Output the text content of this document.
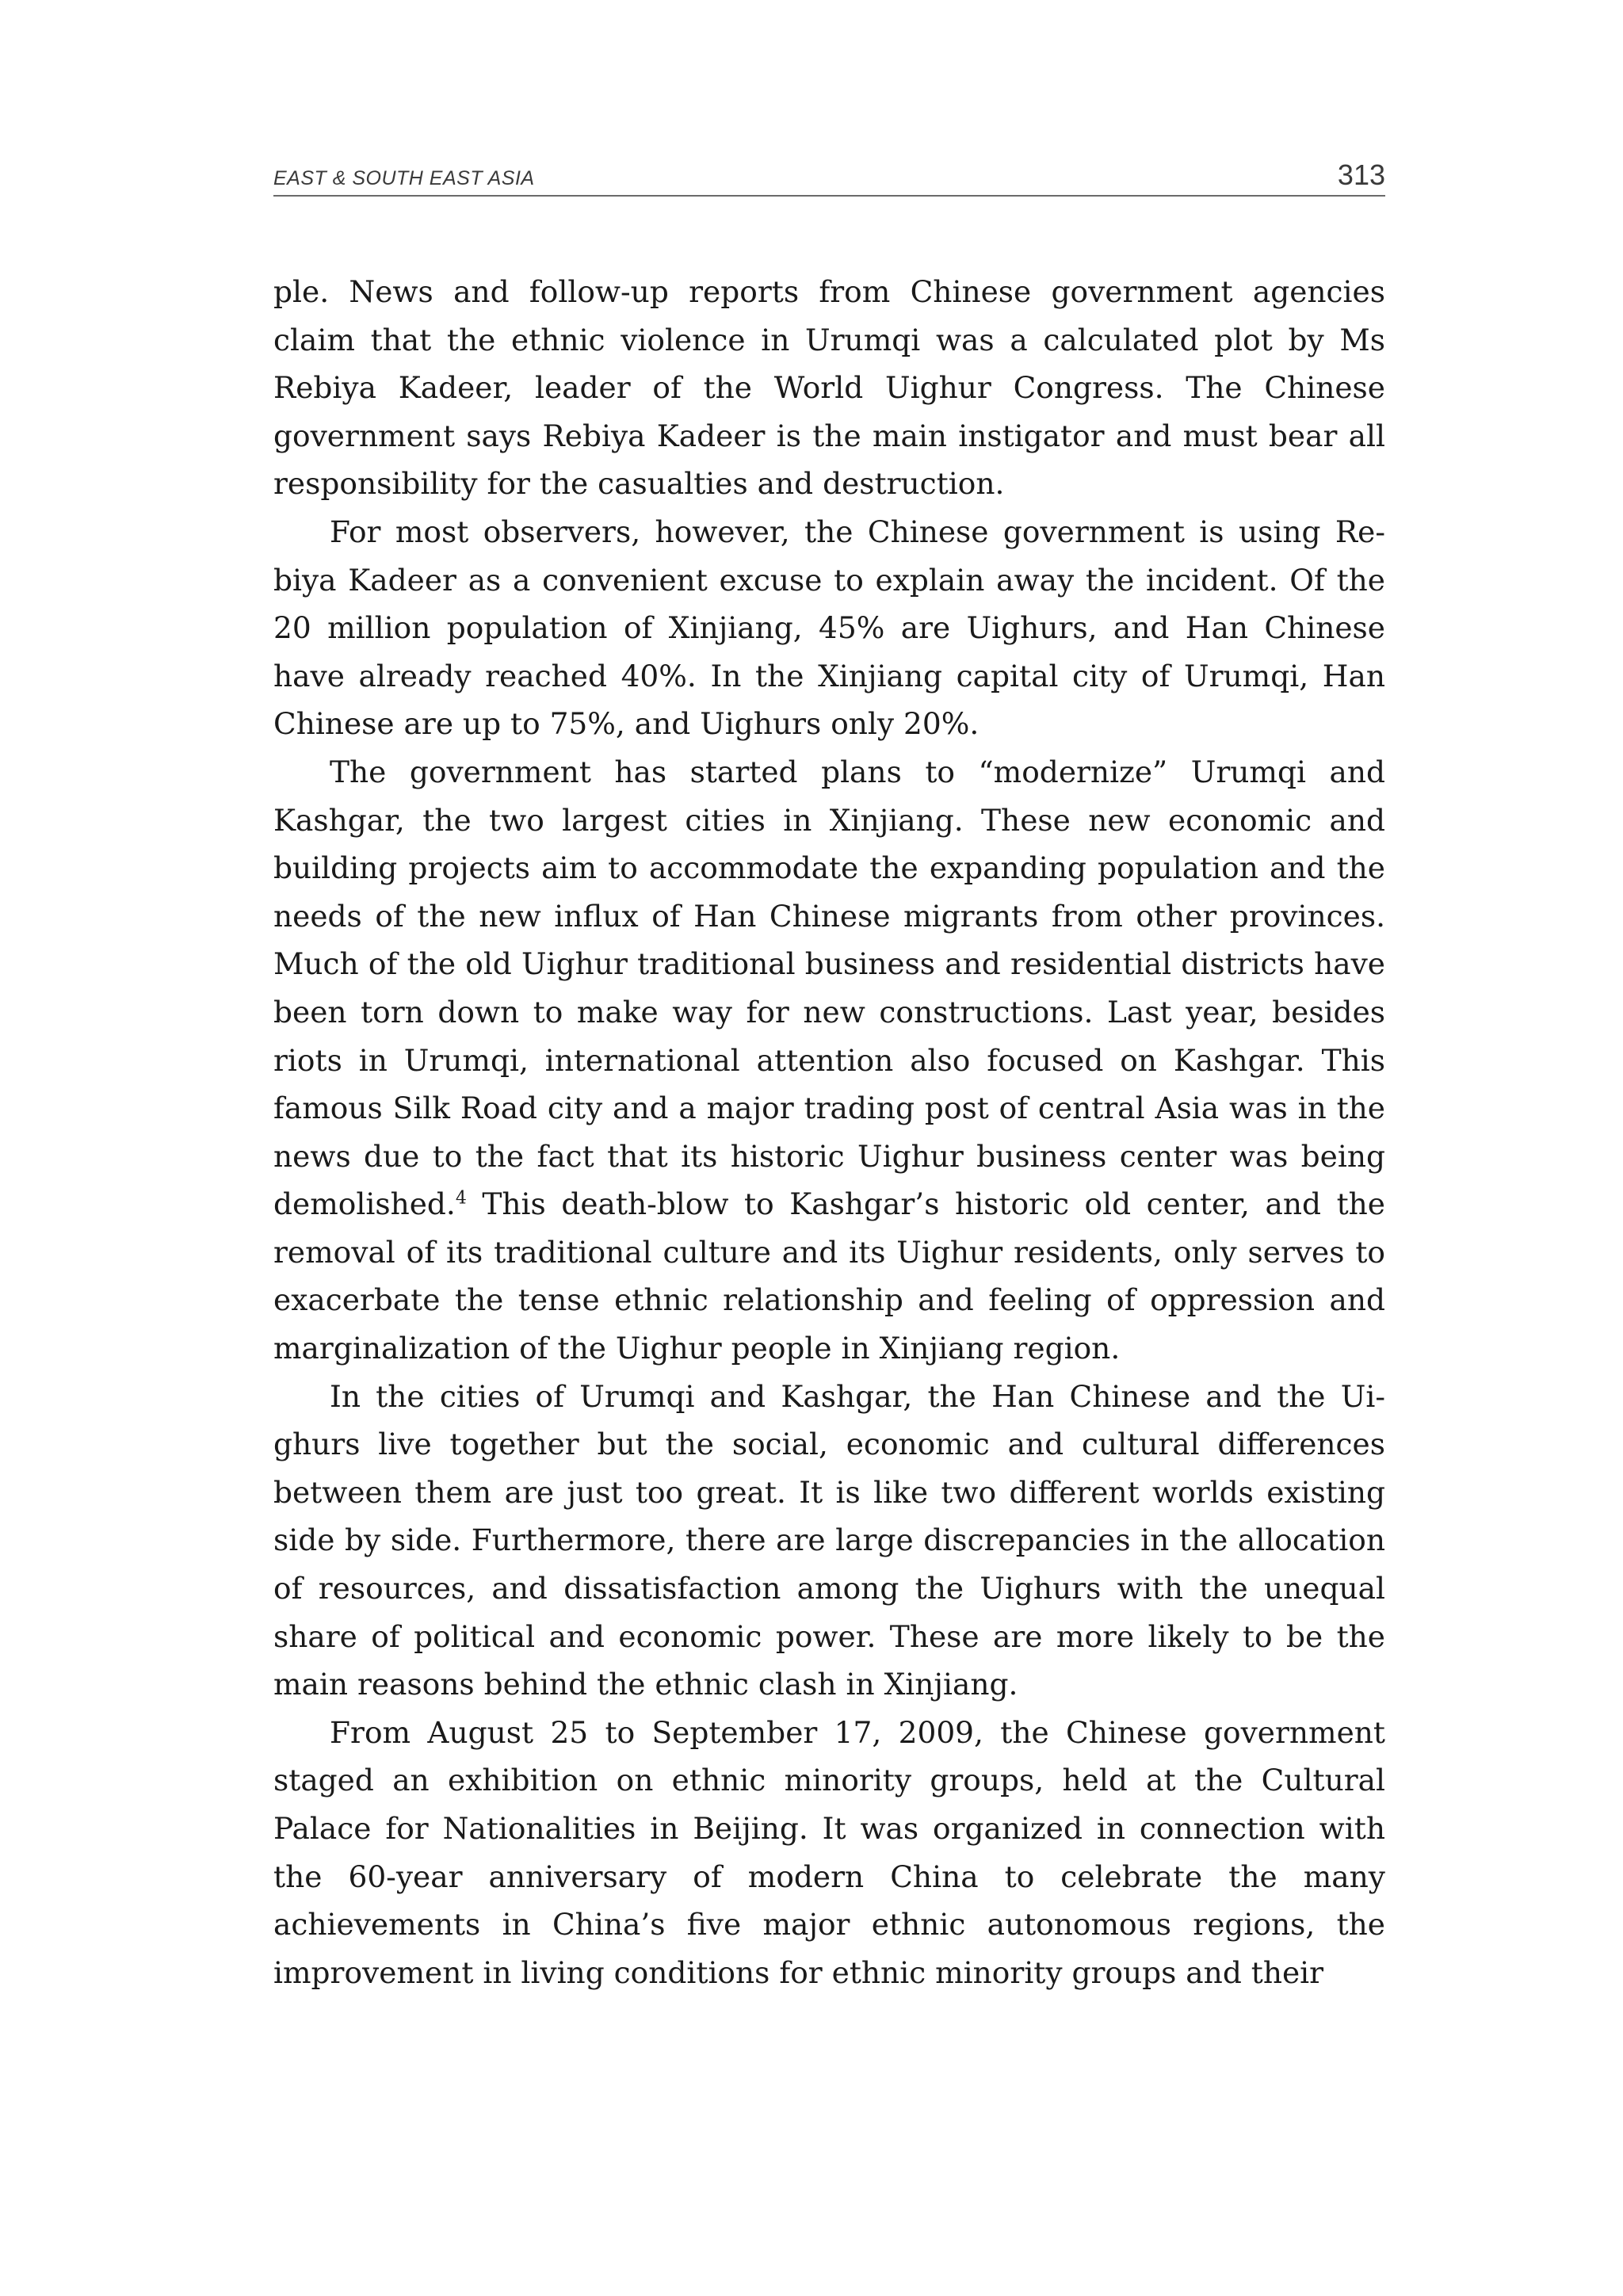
EAST & SOUTH EAST ASIA	313

ple. News and follow-up reports from Chinese government agencies claim that the ethnic violence in Urumqi was a calculated plot by Ms Rebiya Kadeer, leader of the World Uighur Congress. The Chinese government says Rebiya Kadeer is the main instigator and must bear all responsibility for the casualties and destruction.

For most observers, however, the Chinese government is using Rebiya Kadeer as a convenient excuse to explain away the incident. Of the 20 million population of Xinjiang, 45% are Uighurs, and Han Chinese have already reached 40%. In the Xinjiang capital city of Urumqi, Han Chinese are up to 75%, and Uighurs only 20%.

The government has started plans to “modernize” Urumqi and Kashgar, the two largest cities in Xinjiang. These new economic and building projects aim to accommodate the expanding population and the needs of the new influx of Han Chinese migrants from other provinces. Much of the old Uighur traditional business and residential districts have been torn down to make way for new constructions. Last year, besides riots in Urumqi, international attention also focused on Kashgar. This famous Silk Road city and a major trading post of central Asia was in the news due to the fact that its historic Uighur business center was being demolished.$^4$ This death-blow to Kashgar’s historic old center, and the removal of its traditional culture and its Uighur residents, only serves to exacerbate the tense ethnic relationship and feeling of oppression and marginalization of the Uighur people in Xinjiang region.

In the cities of Urumqi and Kashgar, the Han Chinese and the Uighurs live together but the social, economic and cultural differences between them are just too great. It is like two different worlds existing side by side. Furthermore, there are large discrepancies in the allocation of resources, and dissatisfaction among the Uighurs with the unequal share of political and economic power. These are more likely to be the main reasons behind the ethnic clash in Xinjiang.

From August 25 to September 17, 2009, the Chinese government staged an exhibition on ethnic minority groups, held at the Cultural Palace for Nationalities in Beijing. It was organized in connection with the 60-year anniversary of modern China to celebrate the many achievements in China’s five major ethnic autonomous regions, the improvement in living conditions for ethnic minority groups and their
